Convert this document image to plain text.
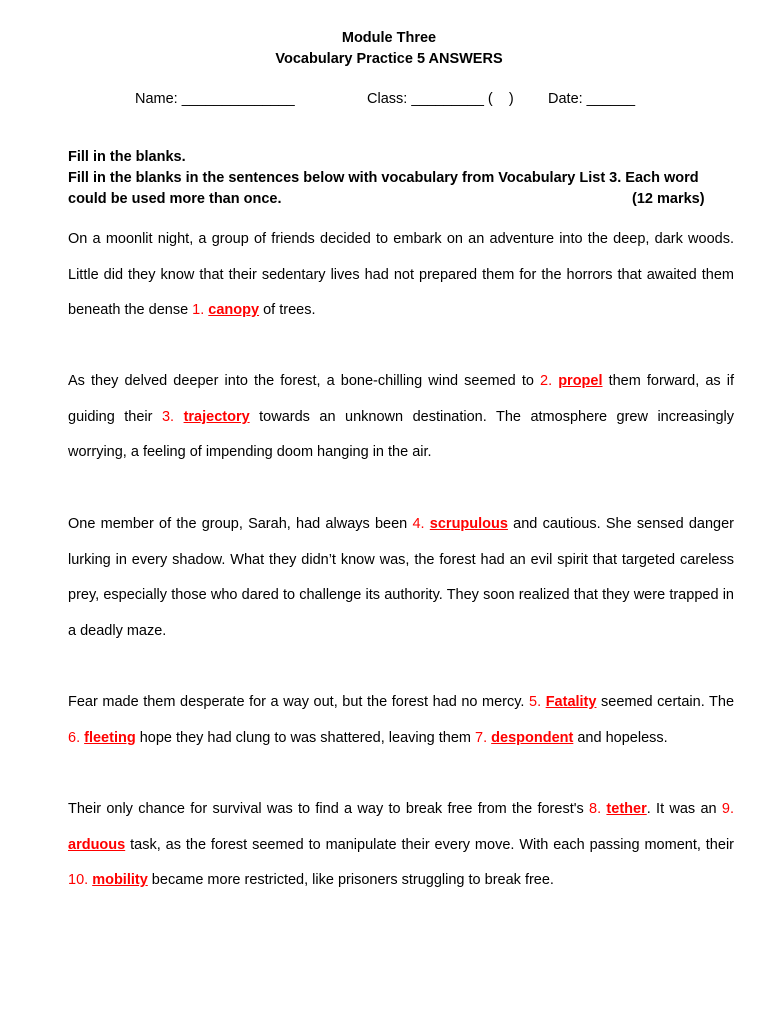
Module Three
Vocabulary Practice 5 ANSWERS
Name: ______________	Class: _________ (    ) Date: ______
Fill in the blanks.
Fill in the blanks in the sentences below with vocabulary from Vocabulary List 3. Each word
could be used more than once.	(12 marks)

On a moonlit night, a group of friends decided to embark on an adventure into the deep, dark woods. Little did they know that their sedentary lives had not prepared them for the horrors that awaited them beneath the dense 1. canopy of trees.

As they delved deeper into the forest, a bone-chilling wind seemed to 2. propel them forward, as if guiding their 3. trajectory towards an unknown destination. The atmosphere grew increasingly worrying, a feeling of impending doom hanging in the air.

One member of the group, Sarah, had always been 4. scrupulous and cautious. She sensed danger lurking in every shadow. What they didn’t know was, the forest had an evil spirit that targeted careless prey, especially those who dared to challenge its authority. They soon realized that they were trapped in a deadly maze.

Fear made them desperate for a way out, but the forest had no mercy. 5. Fatality seemed certain. The 6. fleeting hope they had clung to was shattered, leaving them 7. despondent and hopeless.

Their only chance for survival was to find a way to break free from the forest's 8. tether. It was an 9. arduous task, as the forest seemed to manipulate their every move. With each passing moment, their 10. mobility became more restricted, like prisoners struggling to break free.
